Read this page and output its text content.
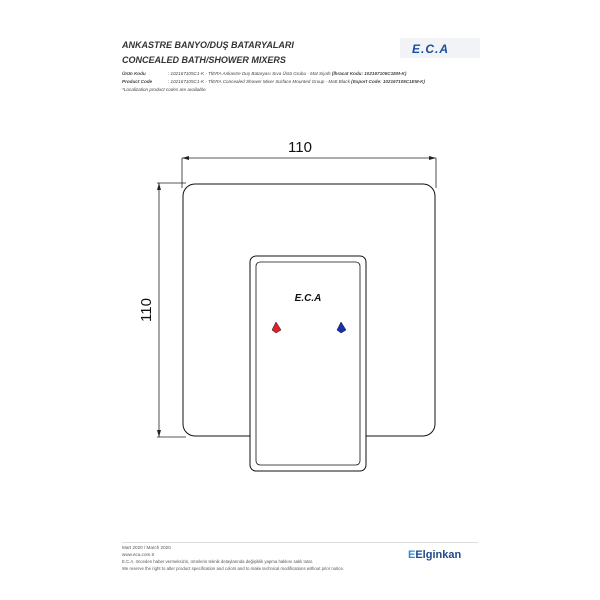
ANKASTRE BANYO/DUŞ BATARYALARI
CONCEALED BATH/SHOWER MIXERS
E.C.A
Ürün Kodu	: 102167105C1-K - TİERA Ankastre Duş Bataryası Sıva Üstü Grubu - Mat Siyah (İhracat Kodu: 102167105C1EM-K)
Product Code	: 102167105C1-K - TİERA Concealed Shower Mixer Surface Mounted Group - Matt Black (Export Code: 102167105C1EM-K)
*Localization product codes are available.
110
110	E.C.A
Mart 2020 / March 2020
www.eca.com.tr
E.C.A. önceden haber vermeksizin, ürünlerin teknik detaylarında değişiklik yapma hakkını saklı tutar.
We reserve the right to alter product specification and colors and to make technical modifications without prior notice.
EElginkan
